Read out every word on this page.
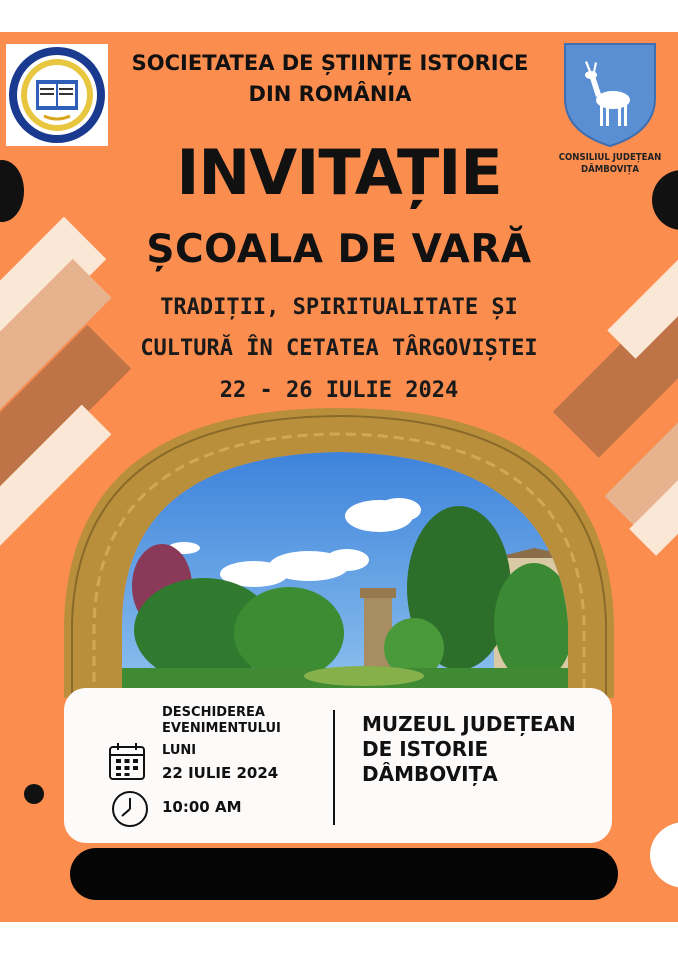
SOCIETATEA DE ȘTIINȚE ISTORICE DIN ROMÂNIA
CONSILIUL JUDEȚEAN DÂMBOVIȚA
INVITAȚIE
ȘCOALA DE VARĂ
TRADIȚII, SPIRITUALITATE ȘI
CULTURĂ ÎN CETATEA TÂRGOVIȘTEI
22 - 26 IULIE 2024
DESCHIDEREA EVENIMENTULUI
LUNI
22 IULIE 2024
10:00 AM
MUZEUL JUDEȚEAN DE ISTORIE DÂMBOVIȚA
